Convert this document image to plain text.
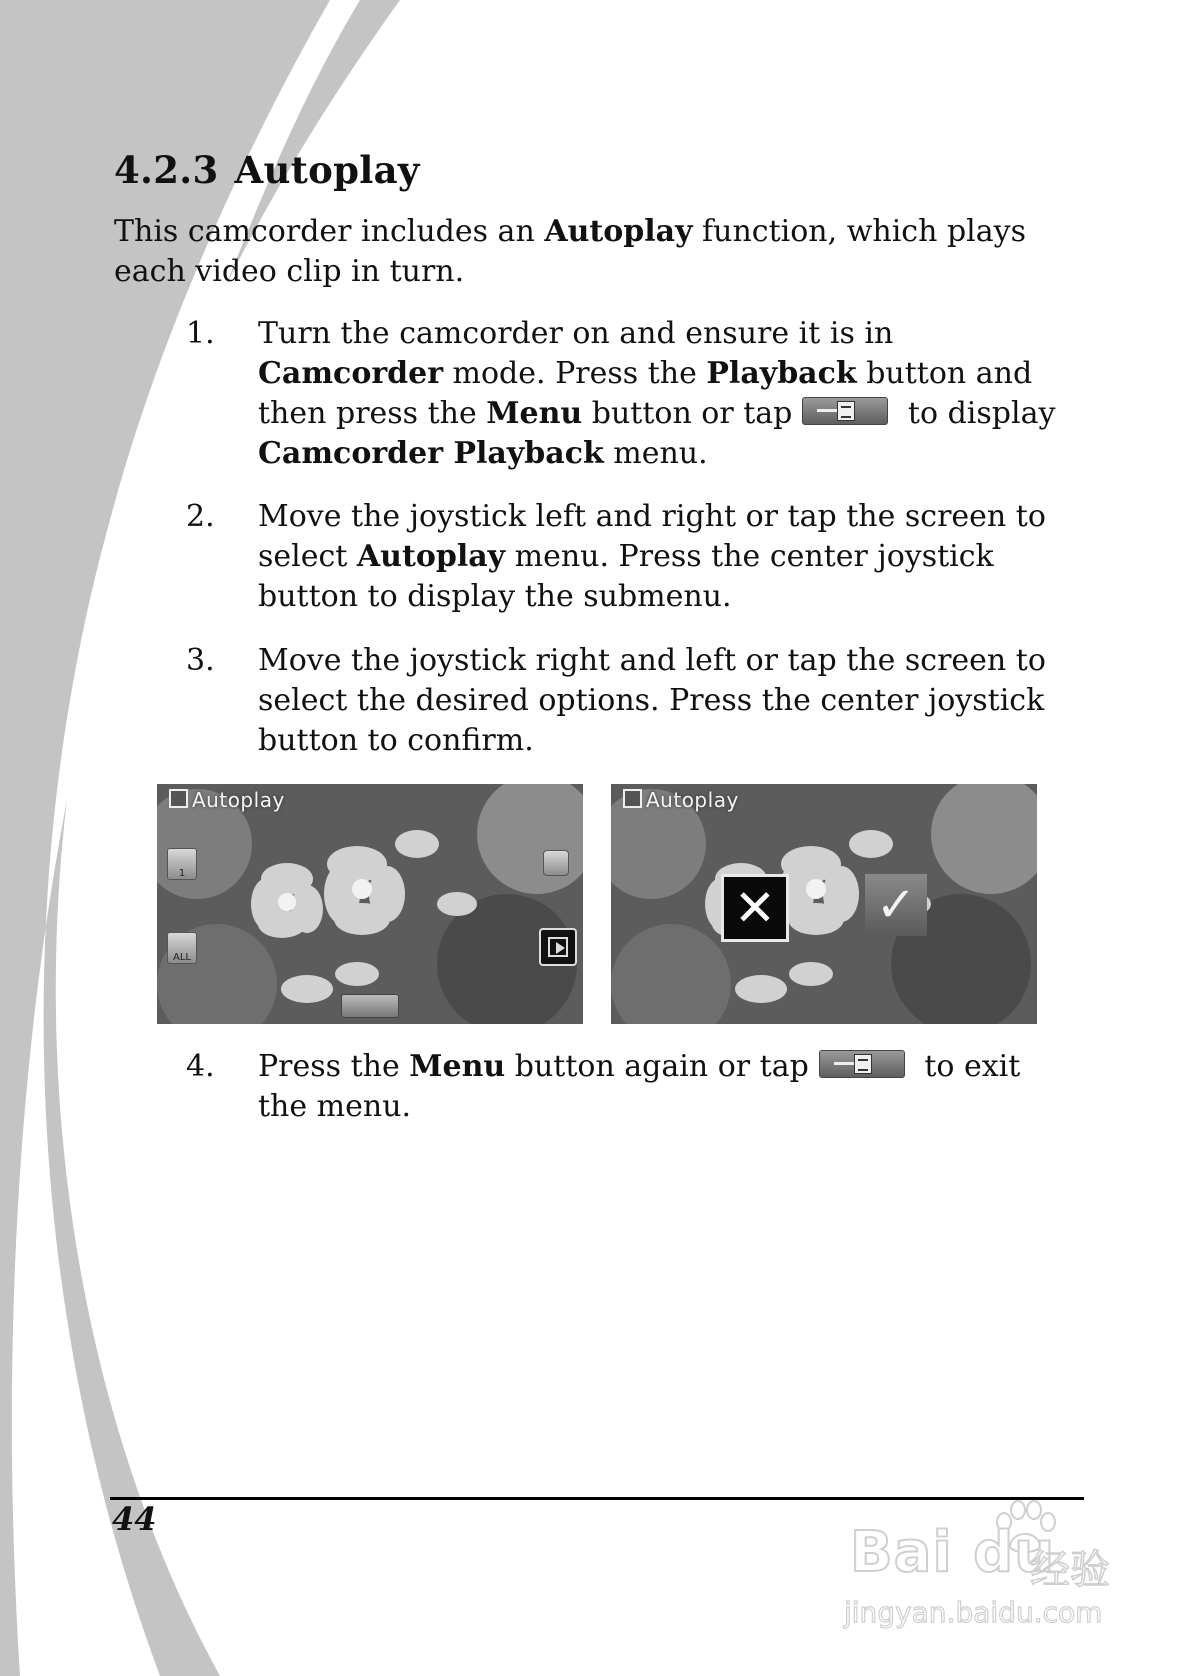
4.2.3 Autoplay
This camcorder includes an Autoplay function, which plays each video clip in turn.
1. Turn the camcorder on and ensure it is in Camcorder mode. Press the Playback button and then press the Menu button or tap	to display Camcorder Playback menu.
2. Move the joystick left and right or tap the screen to select Autoplay menu. Press the center joystick button to display the submenu.
3. Move the joystick right and left or tap the screen to select the desired options. Press the center joystick button to confirm.
Autoplay
1
ALL
Autoplay
✕ ✓
4. Press the Menu button again or tap	to exit the menu.
44
Bai du
经验
jingyan.baidu.com
